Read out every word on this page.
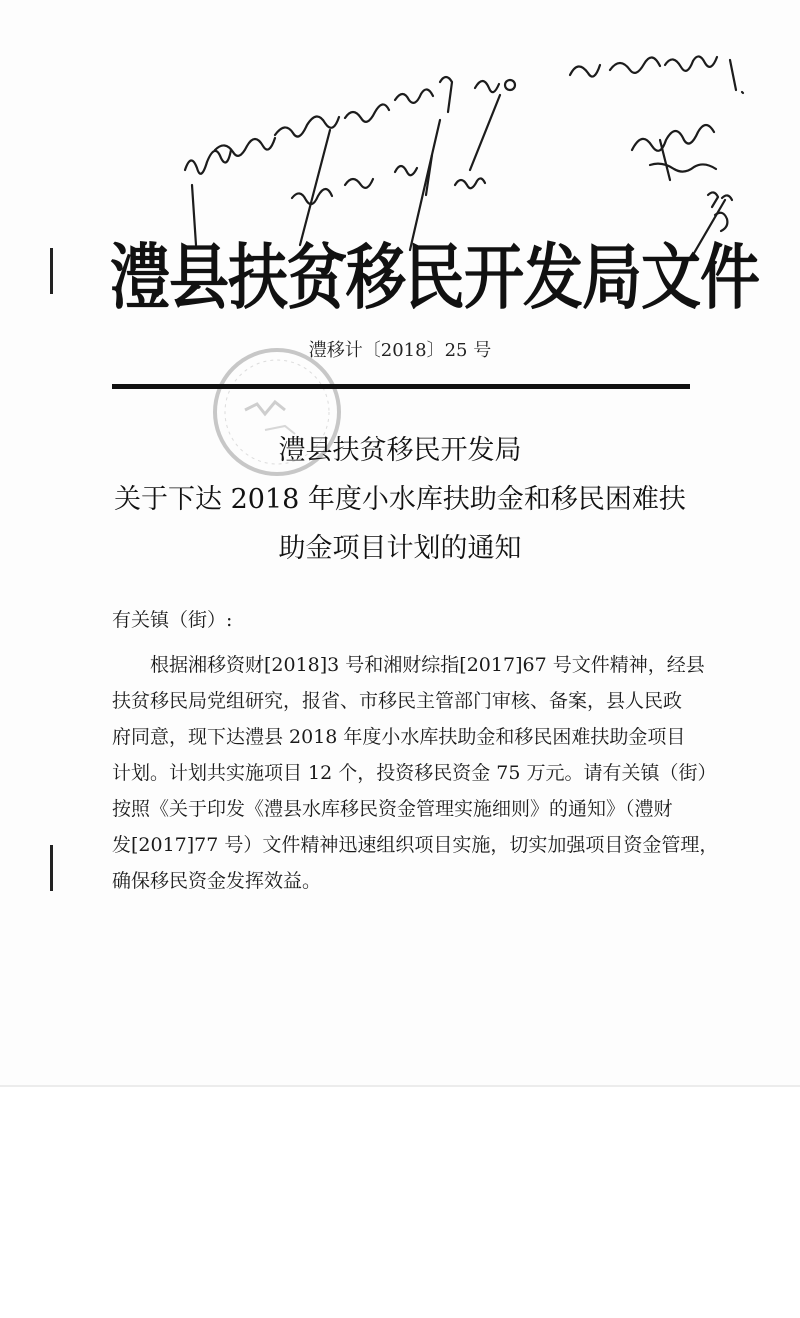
澧县扶贫移民开发局文件
澧移计〔2018〕25 号
澧县扶贫移民开发局
关于下达 2018 年度小水库扶助金和移民困难扶
助金项目计划的通知
有关镇（街）:
根据湘移资财[2018]3 号和湘财综指[2017]67 号文件精神，经县
扶贫移民局党组研究，报省、市移民主管部门审核、备案，县人民政
府同意，现下达澧县 2018 年度小水库扶助金和移民困难扶助金项目
计划。计划共实施项目 12 个，投资移民资金 75 万元。请有关镇（街）
按照《关于印发《澧县水库移民资金管理实施细则》的通知》（澧财
发[2017]77 号）文件精神迅速组织项目实施，切实加强项目资金管理，
确保移民资金发挥效益。
